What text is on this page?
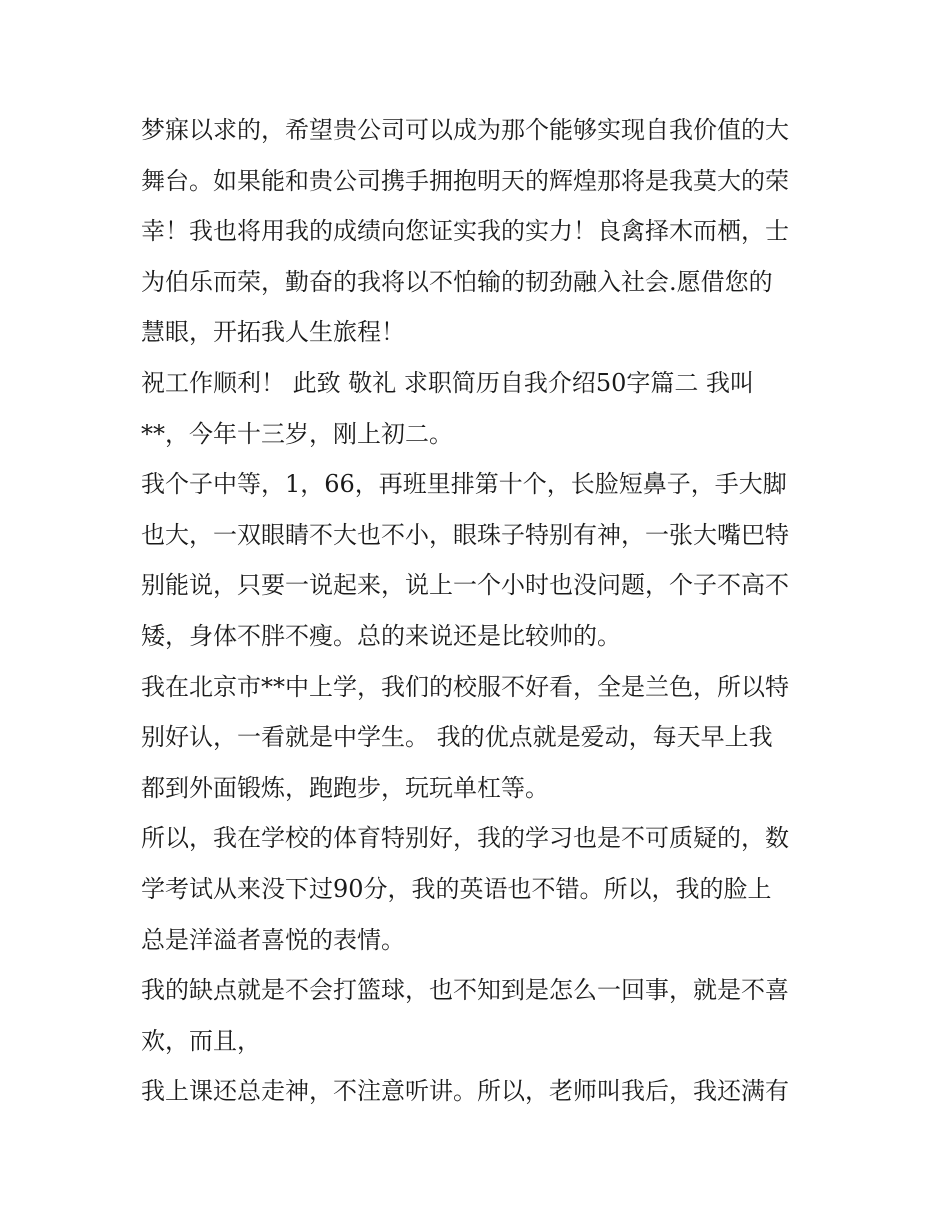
梦寐以求的，希望贵公司可以成为那个能够实现自我价值的大
舞台。如果能和贵公司携手拥抱明天的辉煌那将是我莫大的荣
幸！我也将用我的成绩向您证实我的实力！良禽择木而栖，士
为伯乐而荣，勤奋的我将以不怕输的韧劲融入社会.愿借您的
慧眼，开拓我人生旅程！
祝工作顺利！ 此致 敬礼 求职简历自我介绍50字篇二 我叫
**，今年十三岁，刚上初二。
我个子中等，1，66，再班里排第十个，长脸短鼻子，手大脚
也大，一双眼睛不大也不小，眼珠子特别有神，一张大嘴巴特
别能说，只要一说起来，说上一个小时也没问题，个子不高不
矮，身体不胖不瘦。总的来说还是比较帅的。
我在北京市**中上学，我们的校服不好看，全是兰色，所以特
别好认，一看就是中学生。 我的优点就是爱动，每天早上我
都到外面锻炼，跑跑步，玩玩单杠等。
所以，我在学校的体育特别好，我的学习也是不可质疑的，数
学考试从来没下过90分，我的英语也不错。所以，我的脸上
总是洋溢者喜悦的表情。
我的缺点就是不会打篮球，也不知到是怎么一回事，就是不喜
欢，而且，
我上课还总走神，不注意听讲。所以，老师叫我后，我还满有
